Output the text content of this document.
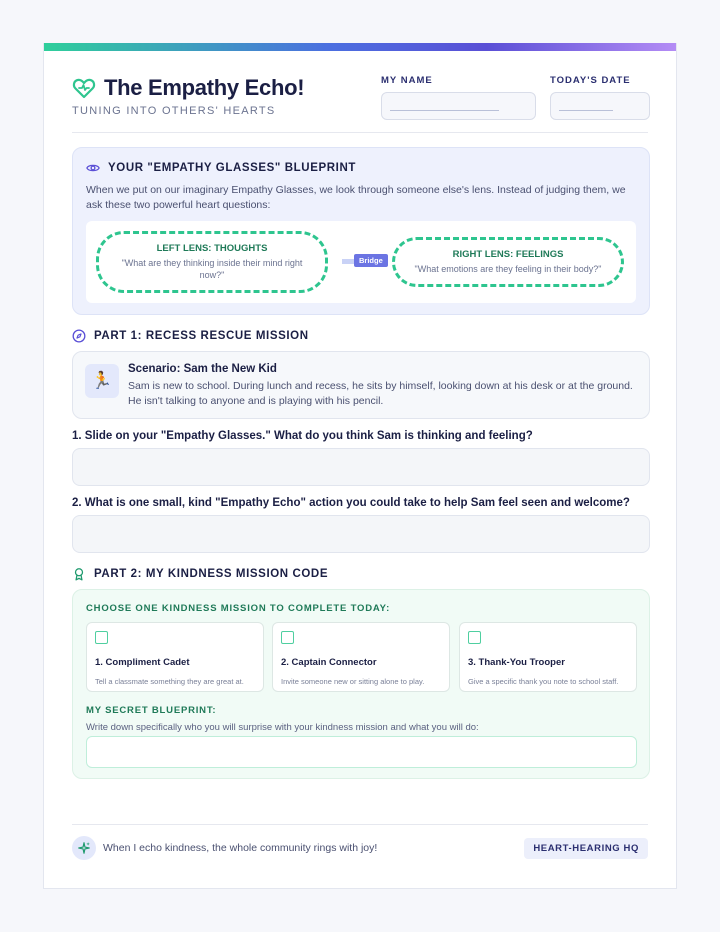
The Empathy Echo!
TUNING INTO OTHERS' HEARTS
MY NAME	TODAY'S DATE
YOUR "EMPATHY GLASSES" BLUEPRINT
When we put on our imaginary Empathy Glasses, we look through someone else's lens. Instead of judging them, we ask these two powerful heart questions:
LEFT LENS: THOUGHTS
"What are they thinking inside their mind right now?"
Bridge
RIGHT LENS: FEELINGS
"What emotions are they feeling in their body?"
PART 1: RECESS RESCUE MISSION
🏃
Scenario: Sam the New Kid
Sam is new to school. During lunch and recess, he sits by himself, looking down at his desk or at the ground. He isn't talking to anyone and is playing with his pencil.
1. Slide on your "Empathy Glasses." What do you think Sam is thinking and feeling?
2. What is one small, kind "Empathy Echo" action you could take to help Sam feel seen and welcome?
PART 2: MY KINDNESS MISSION CODE
CHOOSE ONE KINDNESS MISSION TO COMPLETE TODAY:
1. Compliment Cadet
Tell a classmate something they are great at.
2. Captain Connector
Invite someone new or sitting alone to play.
3. Thank-You Trooper
Give a specific thank you note to school staff.
MY SECRET BLUEPRINT:
Write down specifically who you will surprise with your kindness mission and what you will do:
When I echo kindness, the whole community rings with joy!	HEART-HEARING HQ
